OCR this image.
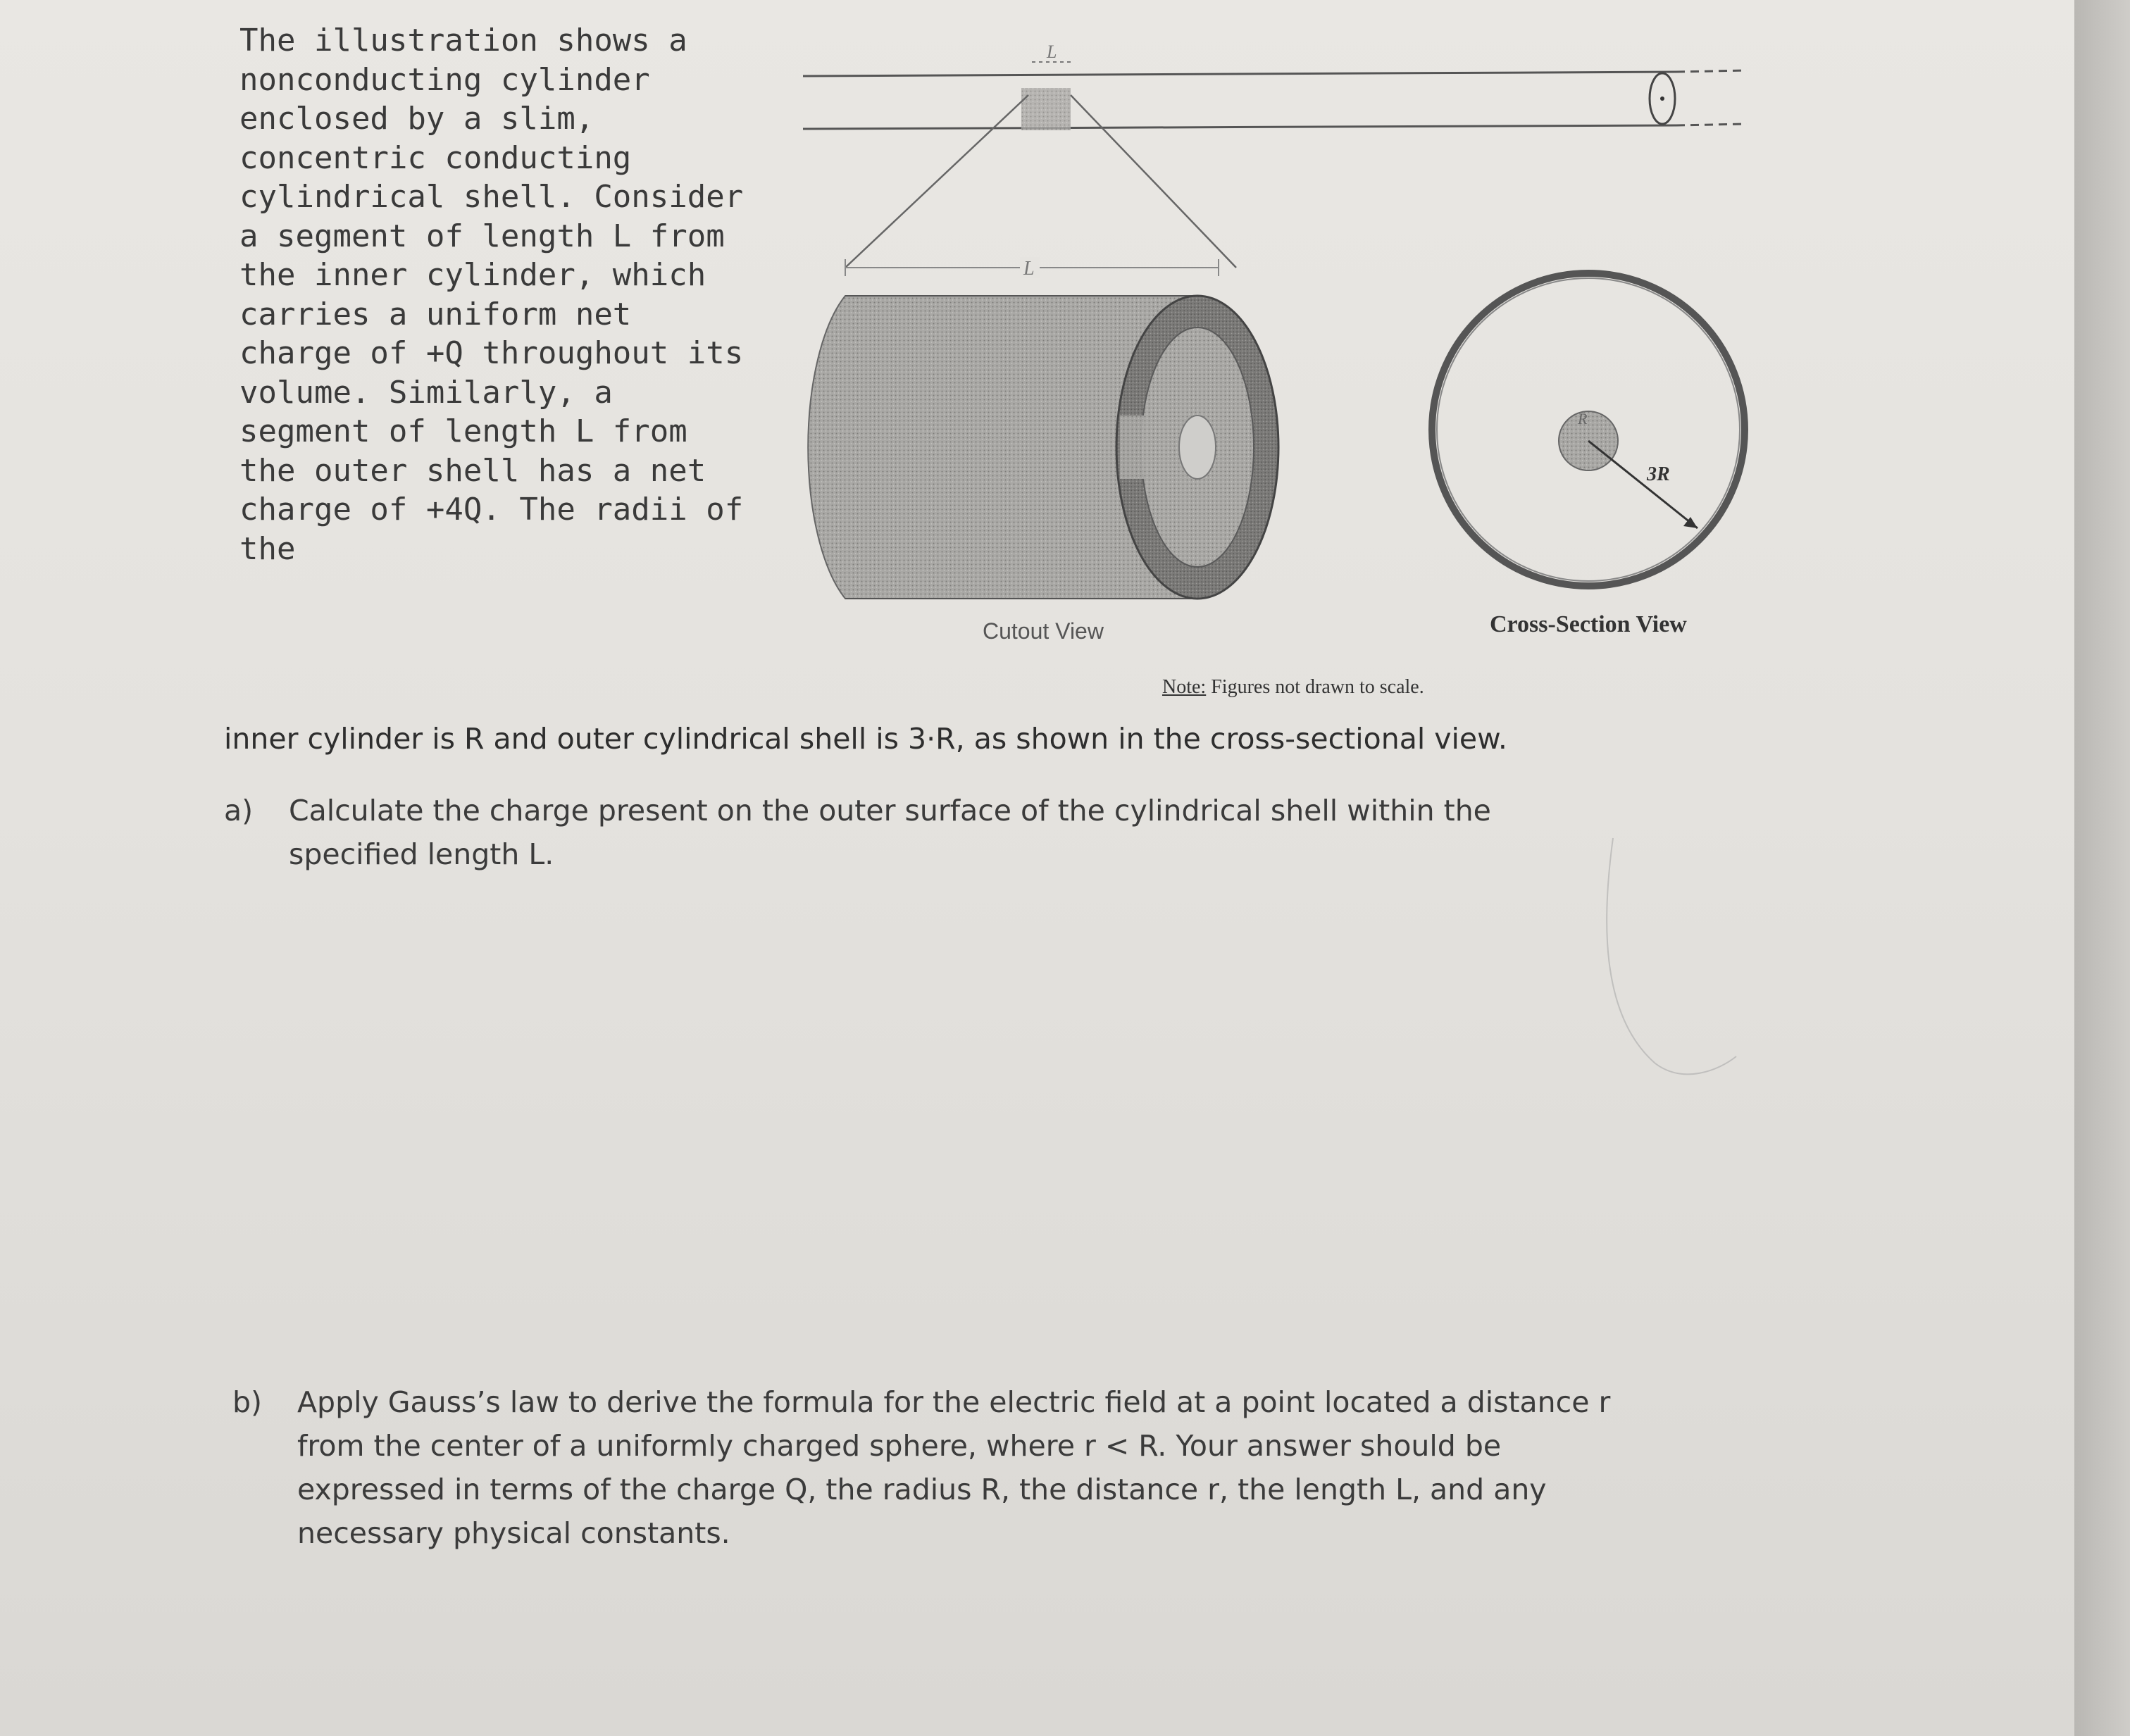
The illustration shows a
nonconducting cylinder
enclosed by a slim,
concentric conducting
cylindrical shell. Consider
a segment of length L from
the inner cylinder, which
carries a uniform net
charge of +Q throughout its
volume. Similarly, a
segment of length L from
the outer shell has a net
charge of +4Q. The radii of
the
L
L
R
3R
Cutout View	Cross-Section View
Note: Figures not drawn to scale.
inner cylinder is R and outer cylindrical shell is 3·R, as shown in the cross-sectional view.
a) Calculate the charge present on the outer surface of the cylindrical shell within the
specified length L.
b) Apply Gauss’s law to derive the formula for the electric field at a point located a distance r
from the center of a uniformly charged sphere, where r < R. Your answer should be
expressed in terms of the charge Q, the radius R, the distance r, the length L, and any
necessary physical constants.
